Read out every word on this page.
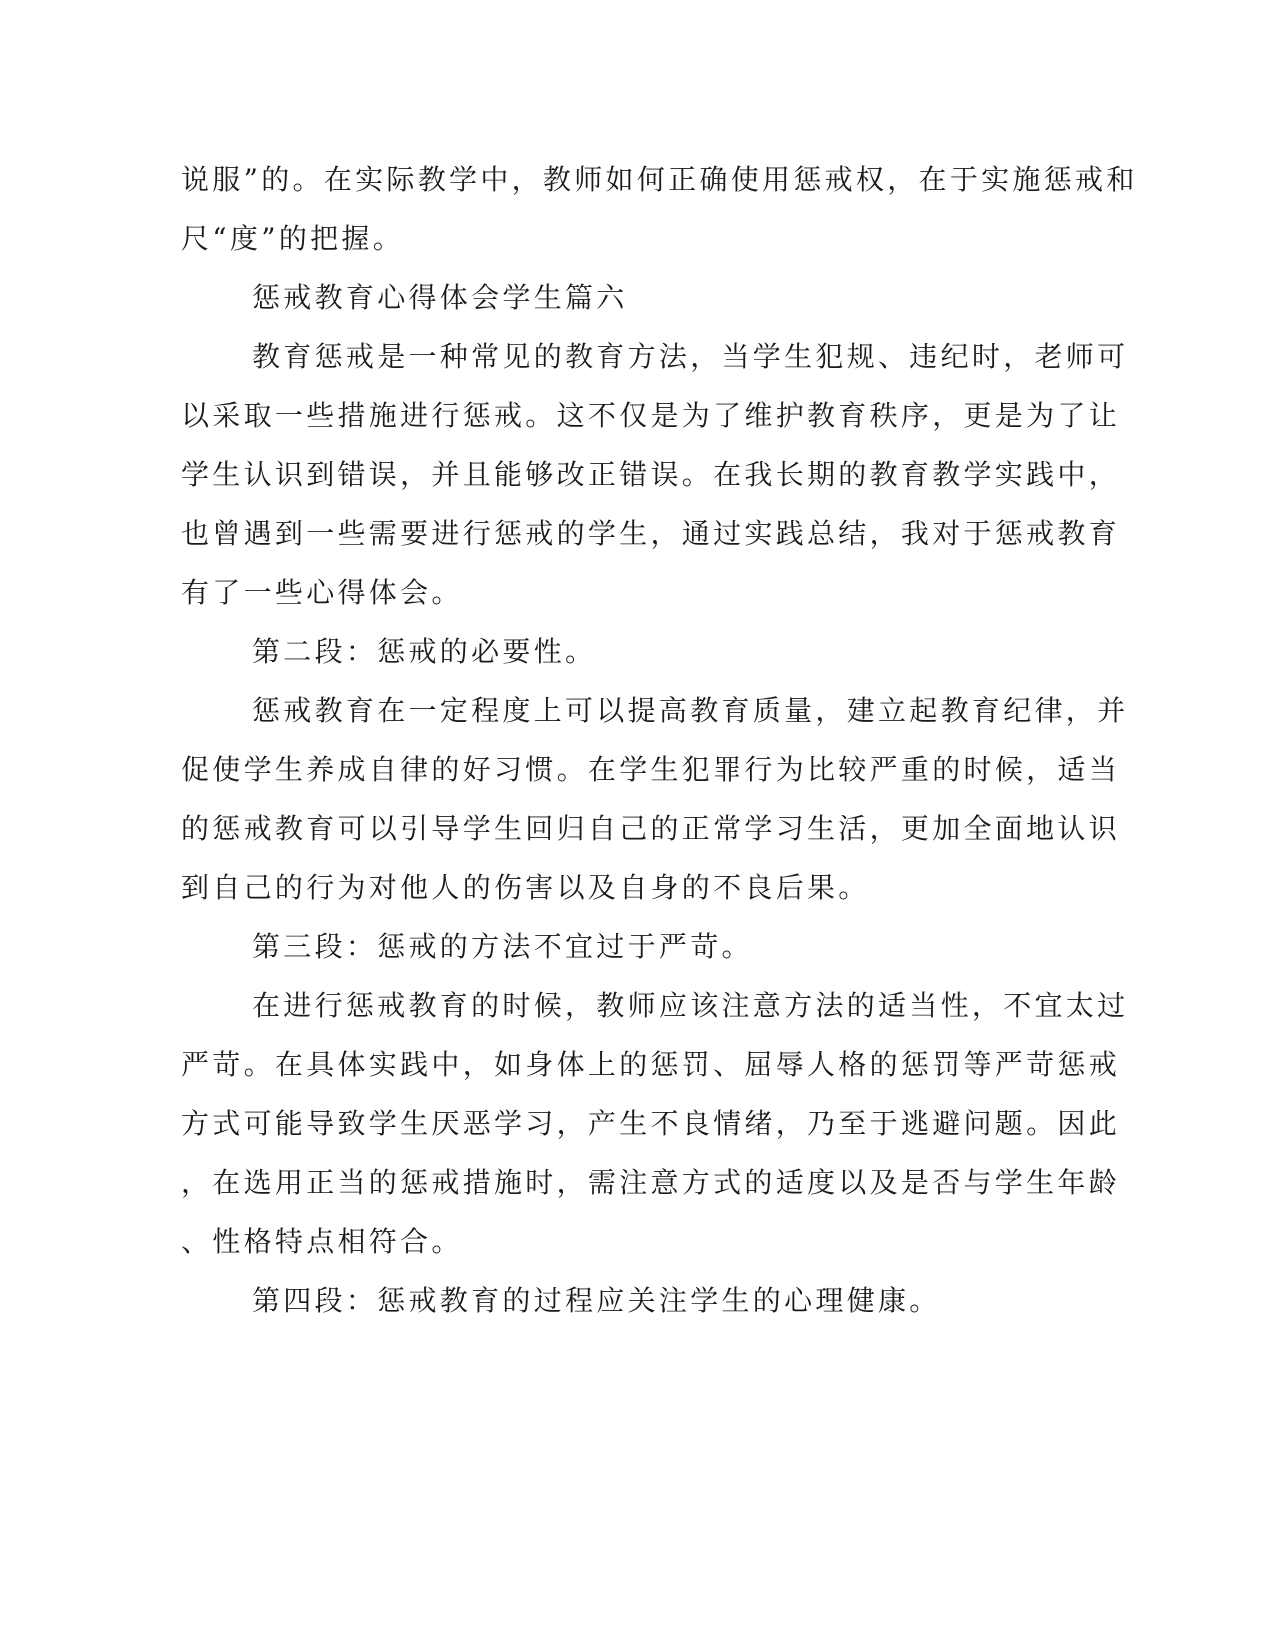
说服”的。在实际教学中，教师如何正确使用惩戒权，在于实施惩戒和
尺“度”的把握。
惩戒教育心得体会学生篇六
教育惩戒是一种常见的教育方法，当学生犯规、违纪时，老师可
以采取一些措施进行惩戒。这不仅是为了维护教育秩序，更是为了让
学生认识到错误，并且能够改正错误。在我长期的教育教学实践中，
也曾遇到一些需要进行惩戒的学生，通过实践总结，我对于惩戒教育
有了一些心得体会。
第二段：惩戒的必要性。
惩戒教育在一定程度上可以提高教育质量，建立起教育纪律，并
促使学生养成自律的好习惯。在学生犯罪行为比较严重的时候，适当
的惩戒教育可以引导学生回归自己的正常学习生活，更加全面地认识
到自己的行为对他人的伤害以及自身的不良后果。
第三段：惩戒的方法不宜过于严苛。
在进行惩戒教育的时候，教师应该注意方法的适当性，不宜太过
严苛。在具体实践中，如身体上的惩罚、屈辱人格的惩罚等严苛惩戒
方式可能导致学生厌恶学习，产生不良情绪，乃至于逃避问题。因此
，在选用正当的惩戒措施时，需注意方式的适度以及是否与学生年龄
、性格特点相符合。
第四段：惩戒教育的过程应关注学生的心理健康。
